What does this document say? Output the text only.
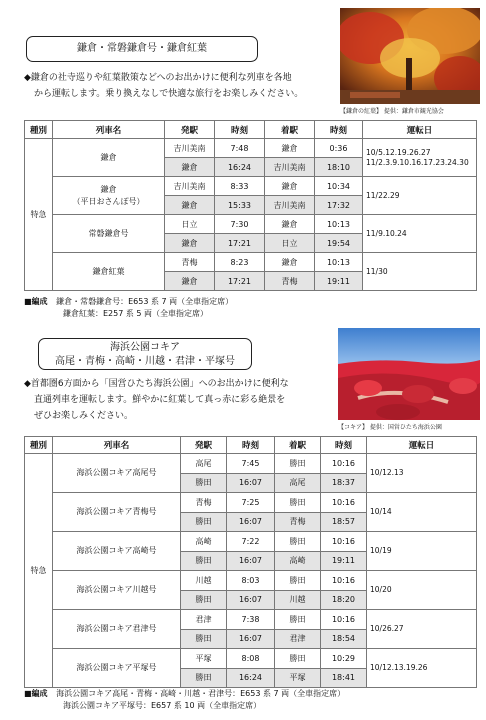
鎌倉・常磐鎌倉号・鎌倉紅葉
【鎌倉の紅葉】 提供：鎌倉市観光協会
◆鎌倉の社寺巡りや紅葉散策などへのお出かけに便利な列車を各地
から運転します。乗り換えなしで快適な旅行をお楽しみください。
種別	列車名	発駅	時刻	着駅	時刻	運転日
特急	鎌倉	吉川美南	7:48	鎌倉	0:36	10/5.12.19.26.27
11/2.3.9.10.16.17.23.24.30
		鎌倉	16:24	吉川美南	18:10	
	鎌倉
（平日おさんぽ号）	吉川美南	8:33	鎌倉	10:34	11/22.29
		鎌倉	15:33	吉川美南	17:32	
	常磐鎌倉号	日立	7:30	鎌倉	10:13	11/9.10.24
		鎌倉	17:21	日立	19:54	
	鎌倉紅葉	青梅	8:23	鎌倉	10:13	11/30
		鎌倉	17:21	青梅	19:11	
■編成 鎌倉・常磐鎌倉号：E653 系 7 両（全車指定席）
鎌倉紅葉：E257 系 5 両（全車指定席）
海浜公園コキア
高尾・青梅・高崎・川越・君津・平塚号
【コキア】 提供：国営ひたち海浜公園
◆首都圏6方面から「国営ひたち海浜公園」へのお出かけに便利な
直通列車を運転します。鮮やかに紅葉して真っ赤に彩る絶景を
ぜひお楽しみください。
種別	列車名	発駅	時刻	着駅	時刻	運転日
特急	海浜公園コキア高尾号	高尾	7:45	勝田	10:16	10/12.13
		勝田	16:07	高尾	18:37	
	海浜公園コキア青梅号	青梅	7:25	勝田	10:16	10/14
		勝田	16:07	青梅	18:57	
	海浜公園コキア高崎号	高崎	7:22	勝田	10:16	10/19
		勝田	16:07	高崎	19:11	
	海浜公園コキア川越号	川越	8:03	勝田	10:16	10/20
		勝田	16:07	川越	18:20	
	海浜公園コキア君津号	君津	7:38	勝田	10:16	10/26.27
		勝田	16:07	君津	18:54	
	海浜公園コキア平塚号	平塚	8:08	勝田	10:29	10/12.13.19.26
		勝田	16:24	平塚	18:41	
■編成 海浜公園コキア高尾・青梅・高崎・川越・君津号：E653 系 7 両（全車指定席）
海浜公園コキア平塚号：E657 系 10 両（全車指定席）
